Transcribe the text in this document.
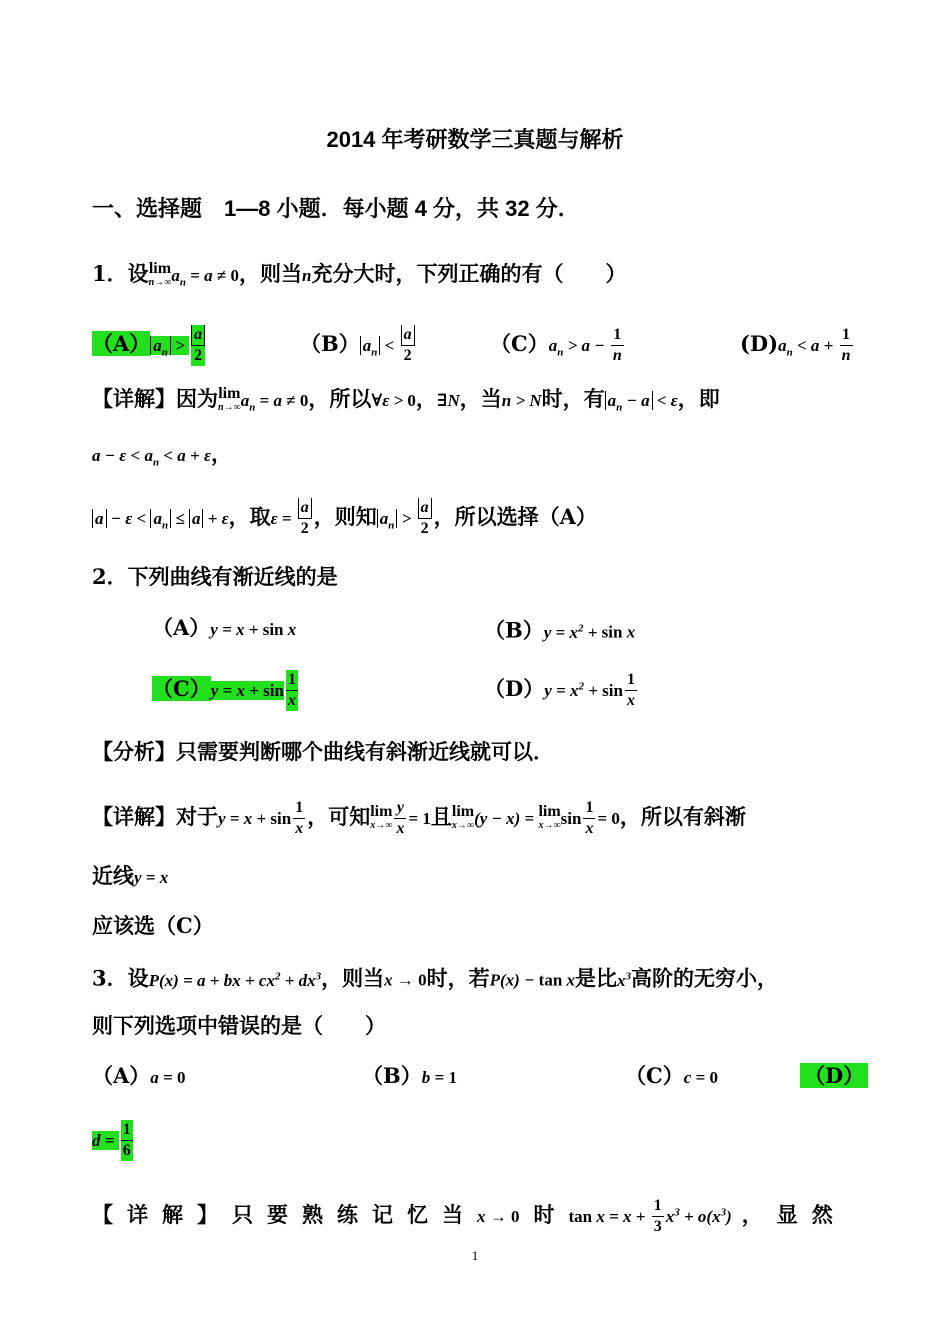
2014 年考研数学三真题与解析
一、选择题　1—8 小题．每小题 4 分，共 32 分．
1．设 lim
n→∞ $a_n = a \ne 0$，则当n充分大时，下列正确的有（　　）
（A） $a_n > \frac{a}{2}$	（B） $a_n < \frac{a}{2}$	$(C)a_n > a - \frac{1}{n}$	$(D)a_n < a + \frac{1}{n}$
【详解】因为 lim
n→∞ $a_n = a \ne 0$，所以∀ε > 0，∃N，当n > N时，有 $a_n - a < \varepsilon$，即
$a - \varepsilon < a_n < a + \varepsilon$，
$a - \varepsilon < a_n \le a + \varepsilon$，取$\varepsilon = \frac{a}{2}$ ，则知 $a_n > \frac{a}{2}$ ，所以选择（A）
2．下列曲线有渐近线的是
（A）y = x + sin x	$(B)y = x^2 + \sin x$
$(C)y = x + \sin \frac{1}{x}$	$(D)y = x^2 + \sin \frac{1}{x}$
【分析】只需要判断哪个曲线有斜渐近线就可以．
【详解】对于$y = x + \sin \frac{1}{x}$ ，可知 lim
$x\to\infty \frac{y}{x} = 1$且 lim
x→∞ (y − x) = lim
x→∞ $\sin \frac{1}{x} = 0$，所以有斜渐
近线y = x
应该选（C）
3．设P(x) = a + bx + $cx^2 + dx^3$，则当x → 0时，若P(x) − tan x是比$x^3$高阶的无穷小，
则下列选项中错误的是（　　）
（A）a = 0	（B）b = 1	（C）c = 0	（D）
$d = \frac{1}{6}$
【详解】只要熟练记忆当x → 0 时 $\tan x = x + \frac{1}{3} x^3 + o(x^3)$ ，显然
1
